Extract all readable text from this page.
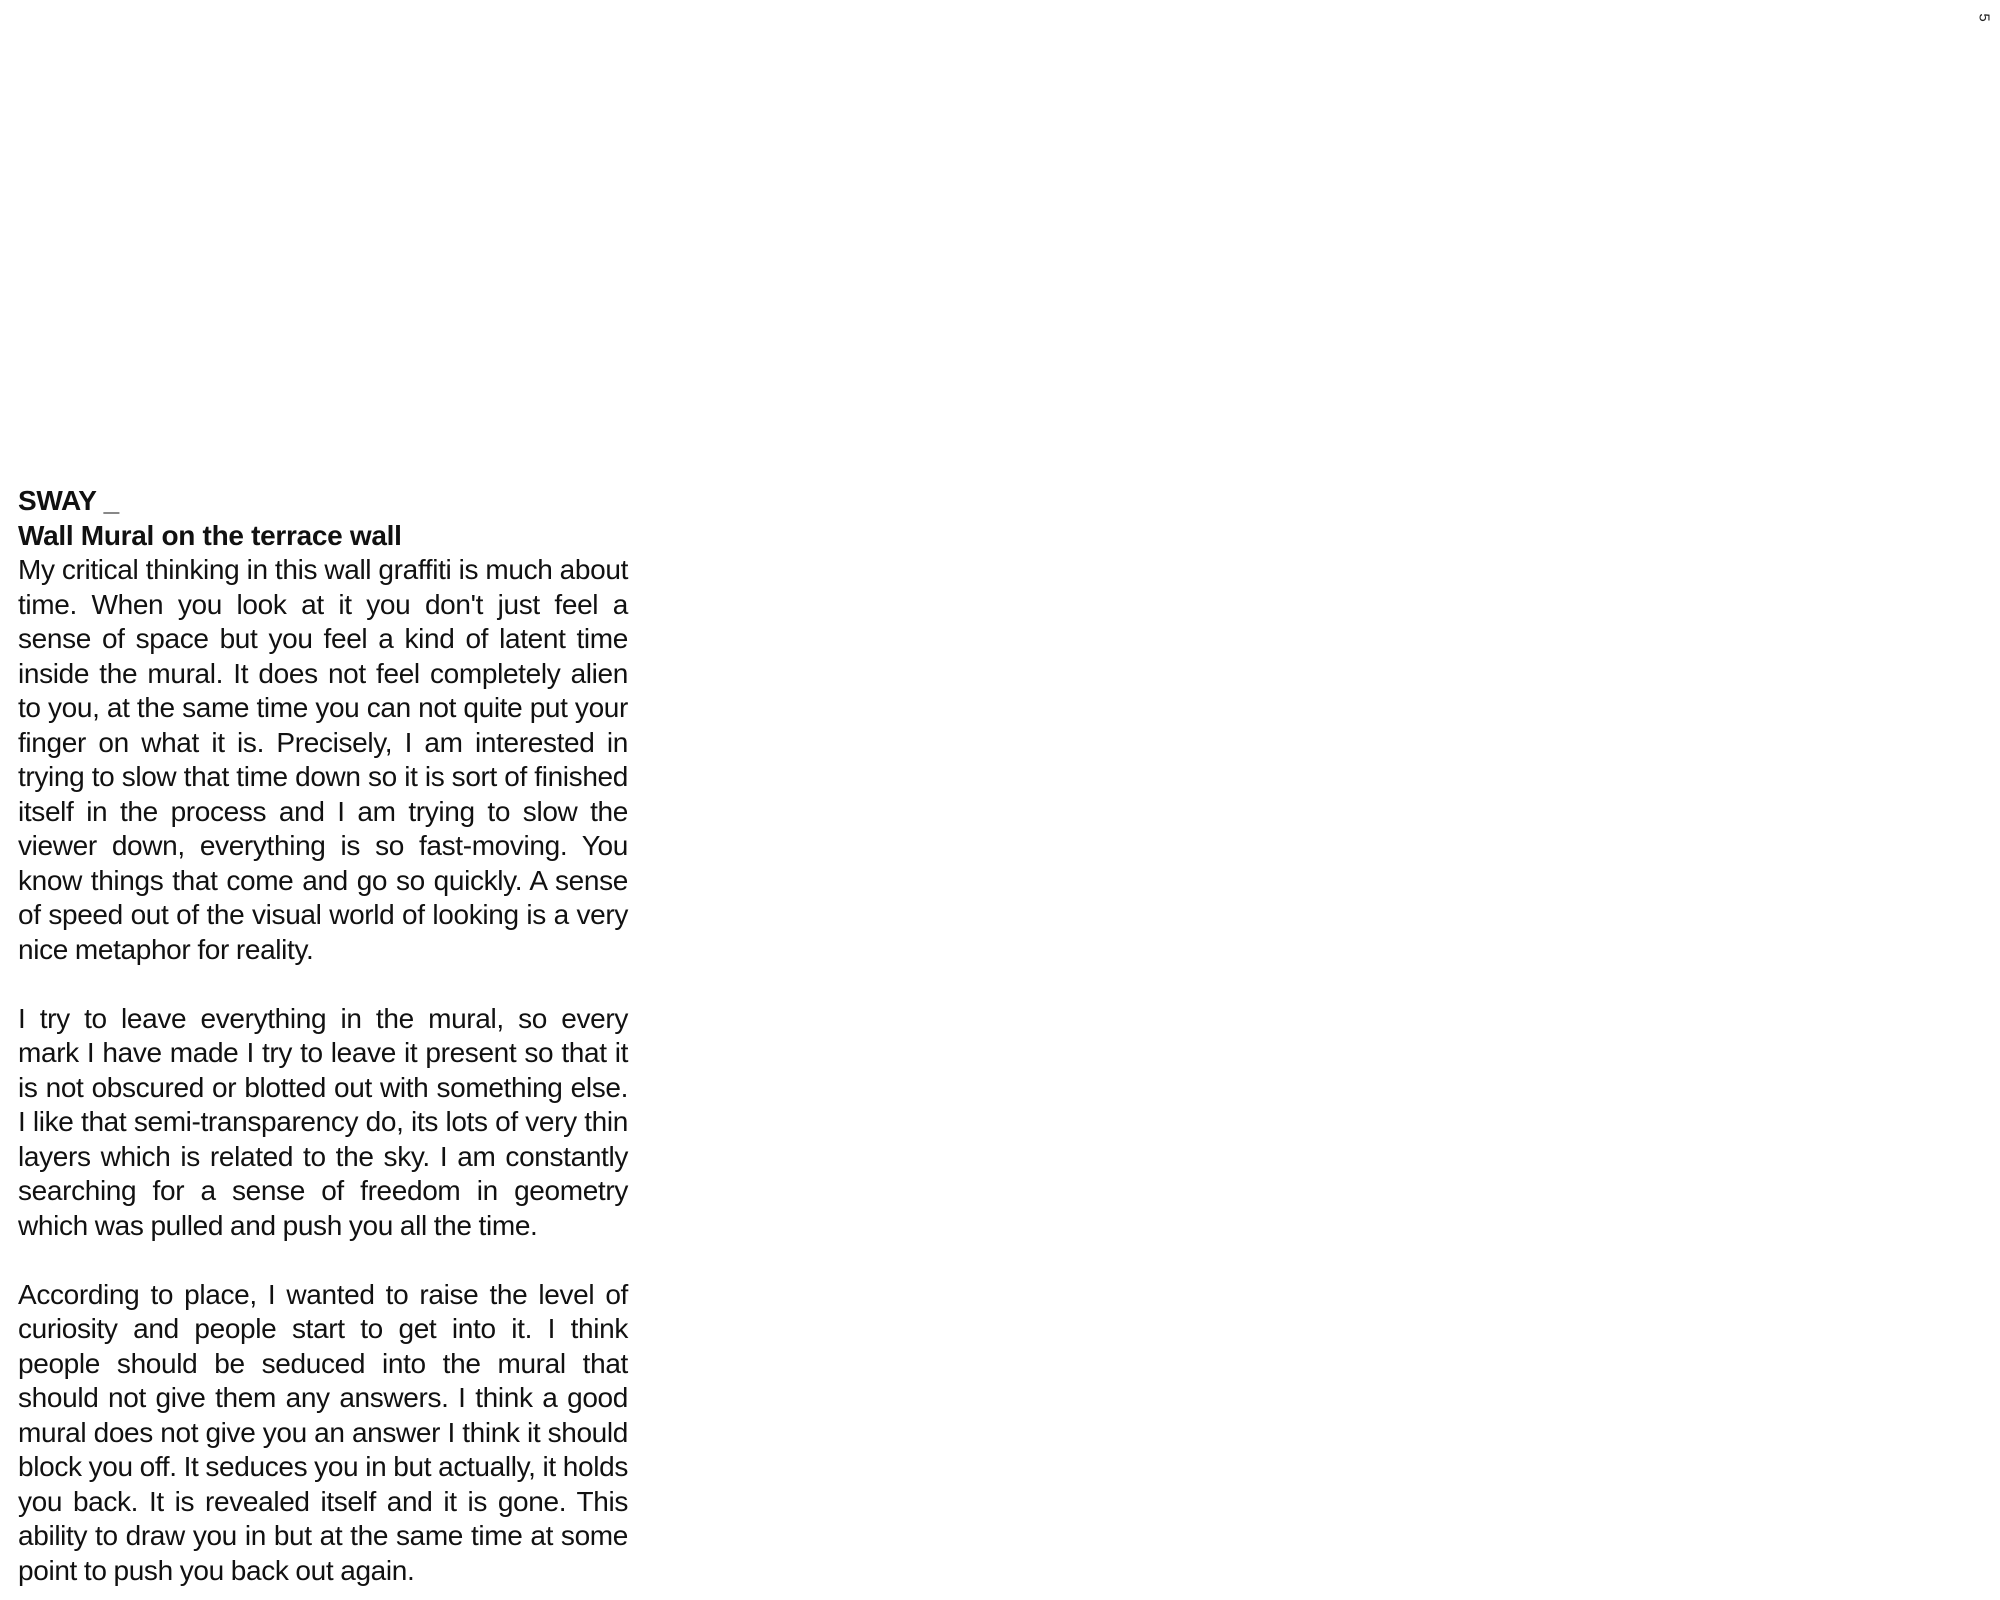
5
SWAY _
Wall Mural on the terrace wall

My critical thinking in this wall graffiti is much about time. When you look at it you don't just feel a sense of space but you feel a kind of latent time inside the mural. It does not feel completely alien to you, at the same time you can not quite put your finger on what it is. Precisely, I am interested in trying to slow that time down so it is sort of finished itself in the process and I am trying to slow the viewer down, everything is so fast-moving. You know things that come and go so quickly. A sense of speed out of the visual world of looking is a very nice metaphor for reality.

I try to leave everything in the mural, so every mark I have made I try to leave it present so that it is not obscured or blotted out with something else. I like that semi-transparency do, its lots of very thin layers which is related to the sky. I am constantly searching for a sense of freedom in geometry which was pulled and push you all the time.

According to place, I wanted to raise the level of curiosity and people start to get into it. I think people should be seduced into the mural that should not give them any answers. I think a good mural does not give you an answer I think it should block you off. It seduces you in but actually, it holds you back. It is revealed itself and it is gone. This ability to draw you in but at the same time at some point to push you back out again.
